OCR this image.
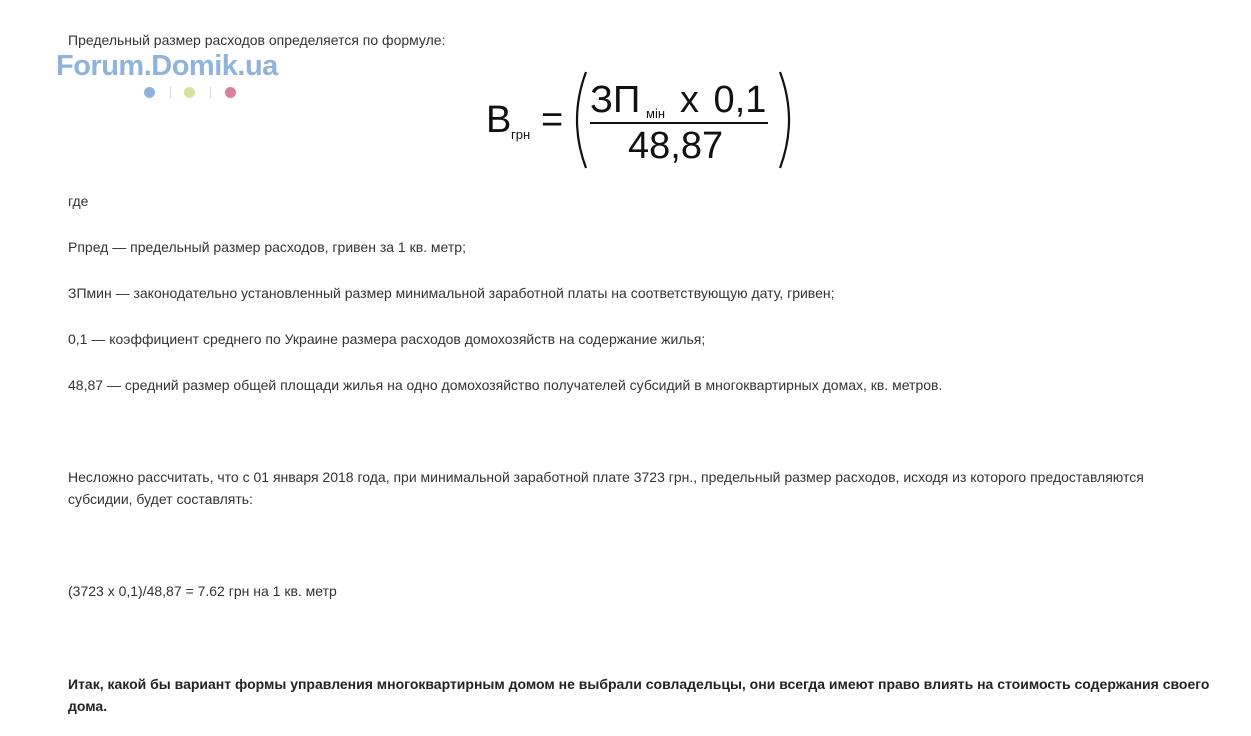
Предельный размер расходов определяется по формуле:

Forum.Domik.ua
В грн = ЗП мін х 0,1
48,87

где

Рпред — предельный размер расходов, гривен за 1 кв. метр;

ЗПмин — законодательно установленный размер минимальной заработной платы на соответствующую дату, гривен;

0,1 — коэффициент среднего по Украине размера расходов домохозяйств на содержание жилья;

48,87 — средний размер общей площади жилья на одно домохозяйство получателей субсидий в многоквартирных домах, кв. метров.

Несложно рассчитать, что с 01 января 2018 года, при минимальной заработной плате 3723 грн., предельный размер расходов, исходя из которого предоставляются субсидии, будет составлять:

(3723 х 0,1)/48,87 = 7.62 грн на 1 кв. метр

Итак, какой бы вариант формы управления многоквартирным домом не выбрали совладельцы, они всегда имеют право влиять на стоимость содержания своего дома.
